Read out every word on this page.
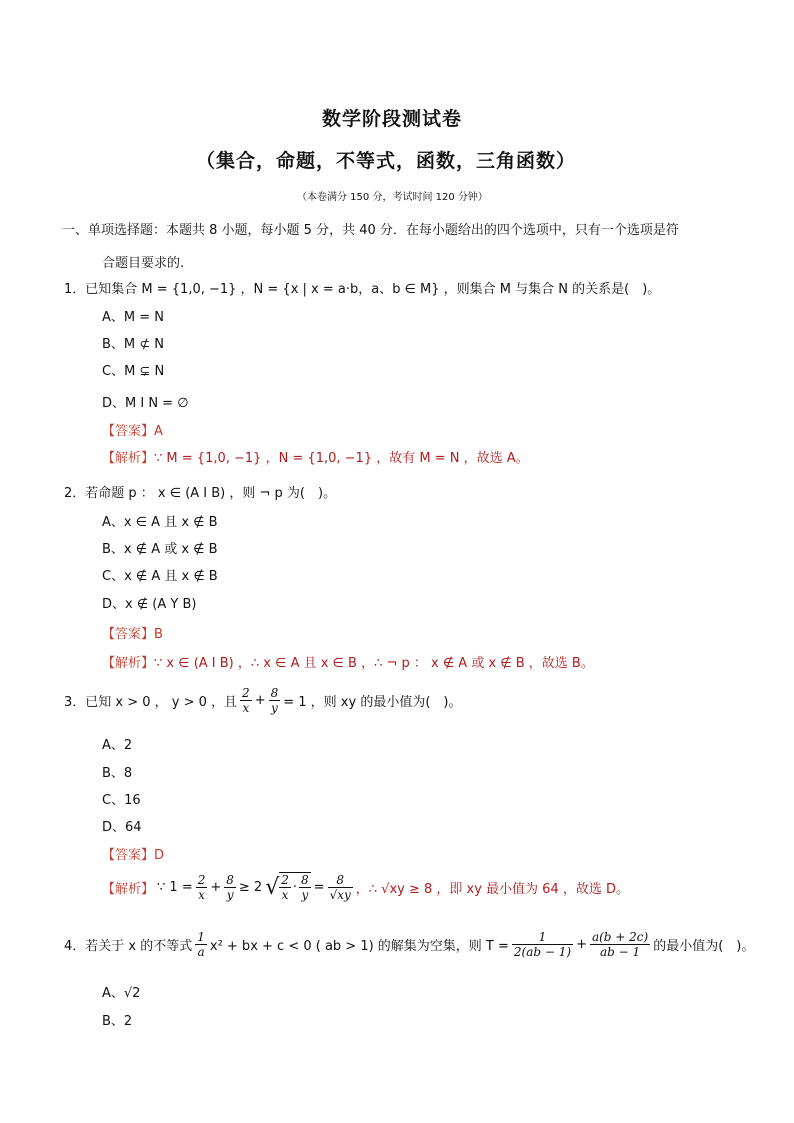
数学阶段测试卷
（集合，命题，不等式，函数，三角函数）
（本卷满分 150 分，考试时间 120 分钟）
一、单项选择题：本题共 8 小题，每小题 5 分，共 40 分．在每小题给出的四个选项中，只有一个选项是符
合题目要求的.
1．已知集合 M = {1,0, −1} ，N = {x | x = a·b，a、b ∈ M} ，则集合 M 与集合 N 的关系是(　)。
A、M = N
B、M ⊄ N
C、M ⊊ N
D、M I N = ∅
【答案】A
【解析】∵ M = {1,0, −1} ，N = {1,0, −1} ，故有 M = N ，故选 A。
2．若命题 p ： x ∈ (A I B) ，则 ¬ p 为(　)。
A、x ∈ A 且 x ∉ B
B、x ∉ A 或 x ∉ B
C、x ∉ A 且 x ∉ B
D、x ∉ (A Y B)
【答案】B
【解析】∵ x ∈ (A I B) ，∴ x ∈ A 且 x ∈ B ，∴ ¬ p ： x ∉ A 或 x ∉ B ，故选 B。
3．已知 x > 0 ， y > 0 ，且 $\frac{2}{x} + \frac{8}{y} = 1$ ，则 xy 的最小值为(　)。
A、2
B、8
C、16
D、64
【答案】D
【解析】 ∵ $1 = \frac{2}{x} + \frac{8}{y} \ge 2$ √ $\frac{2}{x} \cdot \frac{8}{y} = \frac{8}{√xy}$ ，∴ √xy ≥ 8 ，即 xy 最小值为 64 ，故选 D。
4．若关于 x 的不等式 $\frac{1}{a} x^2$ + bx + c < 0 ( ab > 1) 的解集为空集，则 $T = \frac{1}{2(ab - 1)} + \frac{a(b + 2c)}{ab - 1}$ 的最小值为(　)。
A、√2
B、2
